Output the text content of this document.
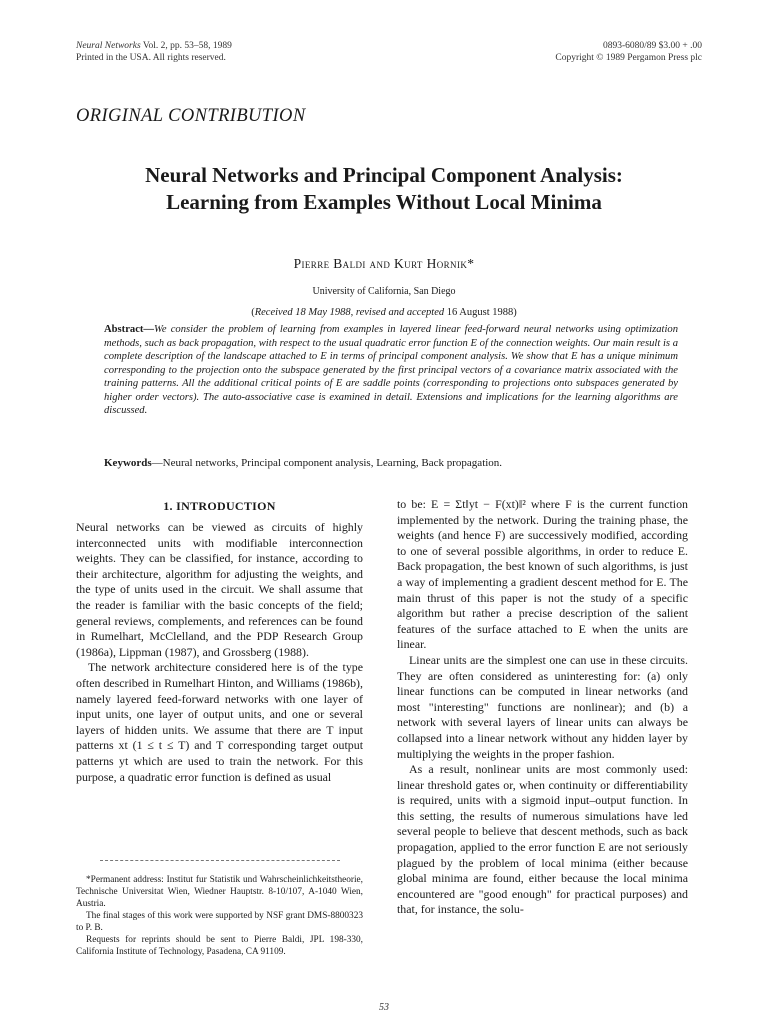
Neural Networks Vol. 2, pp. 53–58, 1989
Printed in the USA. All rights reserved.
0893-6080/89 $3.00 + .00
Copyright © 1989 Pergamon Press plc
ORIGINAL CONTRIBUTION
Neural Networks and Principal Component Analysis:
Learning from Examples Without Local Minima
Pierre Baldi and Kurt Hornik*
University of California, San Diego
(Received 18 May 1988, revised and accepted 16 August 1988)
Abstract—We consider the problem of learning from examples in layered linear feed-forward neural networks using optimization methods, such as back propagation, with respect to the usual quadratic error function E of the connection weights. Our main result is a complete description of the landscape attached to E in terms of principal component analysis. We show that E has a unique minimum corresponding to the projection onto the subspace generated by the first principal vectors of a covariance matrix associated with the training patterns. All the additional critical points of E are saddle points (corresponding to projections onto subspaces generated by higher order vectors). The auto-associative case is examined in detail. Extensions and implications for the learning algorithms are discussed.
Keywords—Neural networks, Principal component analysis, Learning, Back propagation.
1. INTRODUCTION

Neural networks can be viewed as circuits of highly interconnected units with modifiable interconnection weights. They can be classified, for instance, according to their architecture, algorithm for adjusting the weights, and the type of units used in the circuit. We shall assume that the reader is familiar with the basic concepts of the field; general reviews, complements, and references can be found in Rumelhart, McClelland, and the PDP Research Group (1986a), Lippman (1987), and Grossberg (1988).

The network architecture considered here is of the type often described in Rumelhart Hinton, and Williams (1986b), namely layered feed-forward networks with one layer of input units, one layer of output units, and one or several layers of hidden units. We assume that there are T input patterns xt (1 ≤ t ≤ T) and T corresponding target output patterns yt which are used to train the network. For this purpose, a quadratic error function is defined as usual

*Permanent address: Institut fur Statistik und Wahrscheinlichkeitstheorie, Technische Universitat Wien, Wiedner Hauptstr. 8-10/107, A-1040 Wien, Austria.

The final stages of this work were supported by NSF grant DMS-8800323 to P. B.

Requests for reprints should be sent to Pierre Baldi, JPL 198-330, California Institute of Technology, Pasadena, CA 91109.

to be: E = Σt‖yt − F(xt)‖² where F is the current function implemented by the network. During the training phase, the weights (and hence F) are successively modified, according to one of several possible algorithms, in order to reduce E. Back propagation, the best known of such algorithms, is just a way of implementing a gradient descent method for E. The main thrust of this paper is not the study of a specific algorithm but rather a precise description of the salient features of the surface attached to E when the units are linear.

Linear units are the simplest one can use in these circuits. They are often considered as uninteresting for: (a) only linear functions can be computed in linear networks (and most "interesting" functions are nonlinear); and (b) a network with several layers of linear units can always be collapsed into a linear network without any hidden layer by multiplying the weights in the proper fashion.

As a result, nonlinear units are most commonly used: linear threshold gates or, when continuity or differentiability is required, units with a sigmoid input–output function. In this setting, the results of numerous simulations have led several people to believe that descent methods, such as back propagation, applied to the error function E are not seriously plagued by the problem of local minima (either because global minima are found, either because the local minima encountered are "good enough" for practical purposes) and that, for instance, the solu-

53
